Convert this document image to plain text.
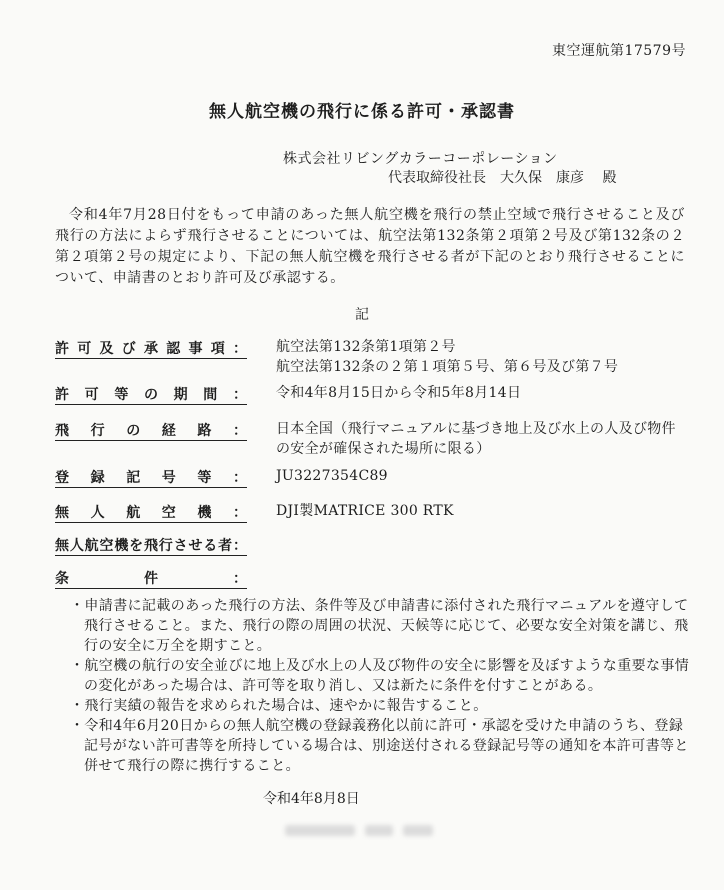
東空運航第17579号
無人航空機の飛行に係る許可・承認書
株式会社リビングカラーコーポレーション
代表取締役社長　大久保　康彦　 殿
令和4年7月28日付をもって申請のあった無人航空機を飛行の禁止空域で飛行させること及び飛行の方法によらず飛行させることについては、航空法第132条第２項第２号及び第132条の２第２項第２号の規定により、下記の無人航空機を飛行させる者が下記のとおり飛行させることについて、申請書のとおり許可及び承認する。
記
許 可 及 び 承 認 事 項 ： 航空法第132条第1項第２号
航空法第132条の２第１項第５号、第６号及び第７号
許 可 等 の 期 間 ： 令和4年8月15日から令和5年8月14日
飛 行 の 経 路 ： 日本全国（飛行マニュアルに基づき地上及び水上の人及び物件の安全が確保された場所に限る）
登 録 記 号 等 ： JU3227354C89
無 人 航 空 機 ： DJI製MATRICE 300 RTK
無 人 航 空 機 を 飛 行 さ せ る 者 ：
条	件	：
・申請書に記載のあった飛行の方法、条件等及び申請書に添付された飛行マニュアルを遵守して飛行させること。また、飛行の際の周囲の状況、天候等に応じて、必要な安全対策を講じ、飛行の安全に万全を期すこと。
・航空機の航行の安全並びに地上及び水上の人及び物件の安全に影響を及ぼすような重要な事情の変化があった場合は、許可等を取り消し、又は新たに条件を付すことがある。
・飛行実績の報告を求められた場合は、速やかに報告すること。
・令和4年6月20日からの無人航空機の登録義務化以前に許可・承認を受けた申請のうち、登録記号がない許可書等を所持している場合は、別途送付される登録記号等の通知を本許可書等と併せて飛行の際に携行すること。
令和4年8月8日
